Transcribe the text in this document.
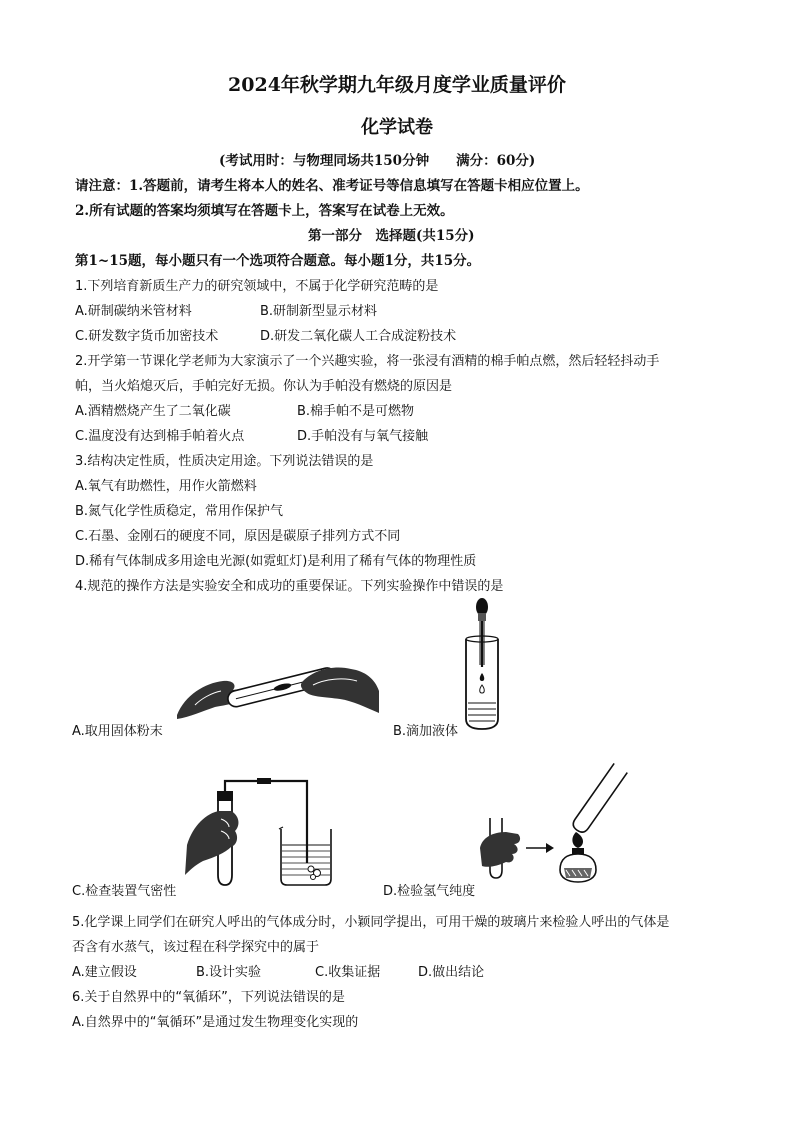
2024年秋学期九年级月度学业质量评价
化学试卷
(考试用时：与物理同场共150分钟　　满分：60分)
请注意：1.答题前，请考生将本人的姓名、准考证号等信息填写在答题卡相应位置上。
2.所有试题的答案均须填写在答题卡上，答案写在试卷上无效。
第一部分　选择题(共15分)
第1~15题，每小题只有一个选项符合题意。每小题1分，共15分。
1.下列培育新质生产力的研究领域中，不属于化学研究范畴的是
A.研制碳纳米管材料	B.研制新型显示材料
C.研发数字货币加密技术	D.研发二氧化碳人工合成淀粉技术
2.开学第一节课化学老师为大家演示了一个兴趣实验，将一张浸有酒精的棉手帕点燃，然后轻轻抖动手
帕，当火焰熄灭后，手帕完好无损。你认为手帕没有燃烧的原因是
A.酒精燃烧产生了二氧化碳	B.棉手帕不是可燃物
C.温度没有达到棉手帕着火点	D.手帕没有与氧气接触
3.结构决定性质，性质决定用途。下列说法错误的是
A.氧气有助燃性，用作火箭燃料
B.氮气化学性质稳定，常用作保护气
C.石墨、金刚石的硬度不同，原因是碳原子排列方式不同
D.稀有气体制成多用途电光源(如霓虹灯)是利用了稀有气体的物理性质
4.规范的操作方法是实验安全和成功的重要保证。下列实验操作中错误的是
A.取用固体粉末	B.滴加液体
C.检查装置气密性	D.检验氢气纯度
5.化学课上同学们在研究人呼出的气体成分时，小颖同学提出，可用干燥的玻璃片来检验人呼出的气体是
否含有水蒸气，该过程在科学探究中的属于
A.建立假设	B.设计实验	C.收集证据	D.做出结论
6.关于自然界中的“氧循环”，下列说法错误的是
A.自然界中的“氧循环”是通过发生物理变化实现的
